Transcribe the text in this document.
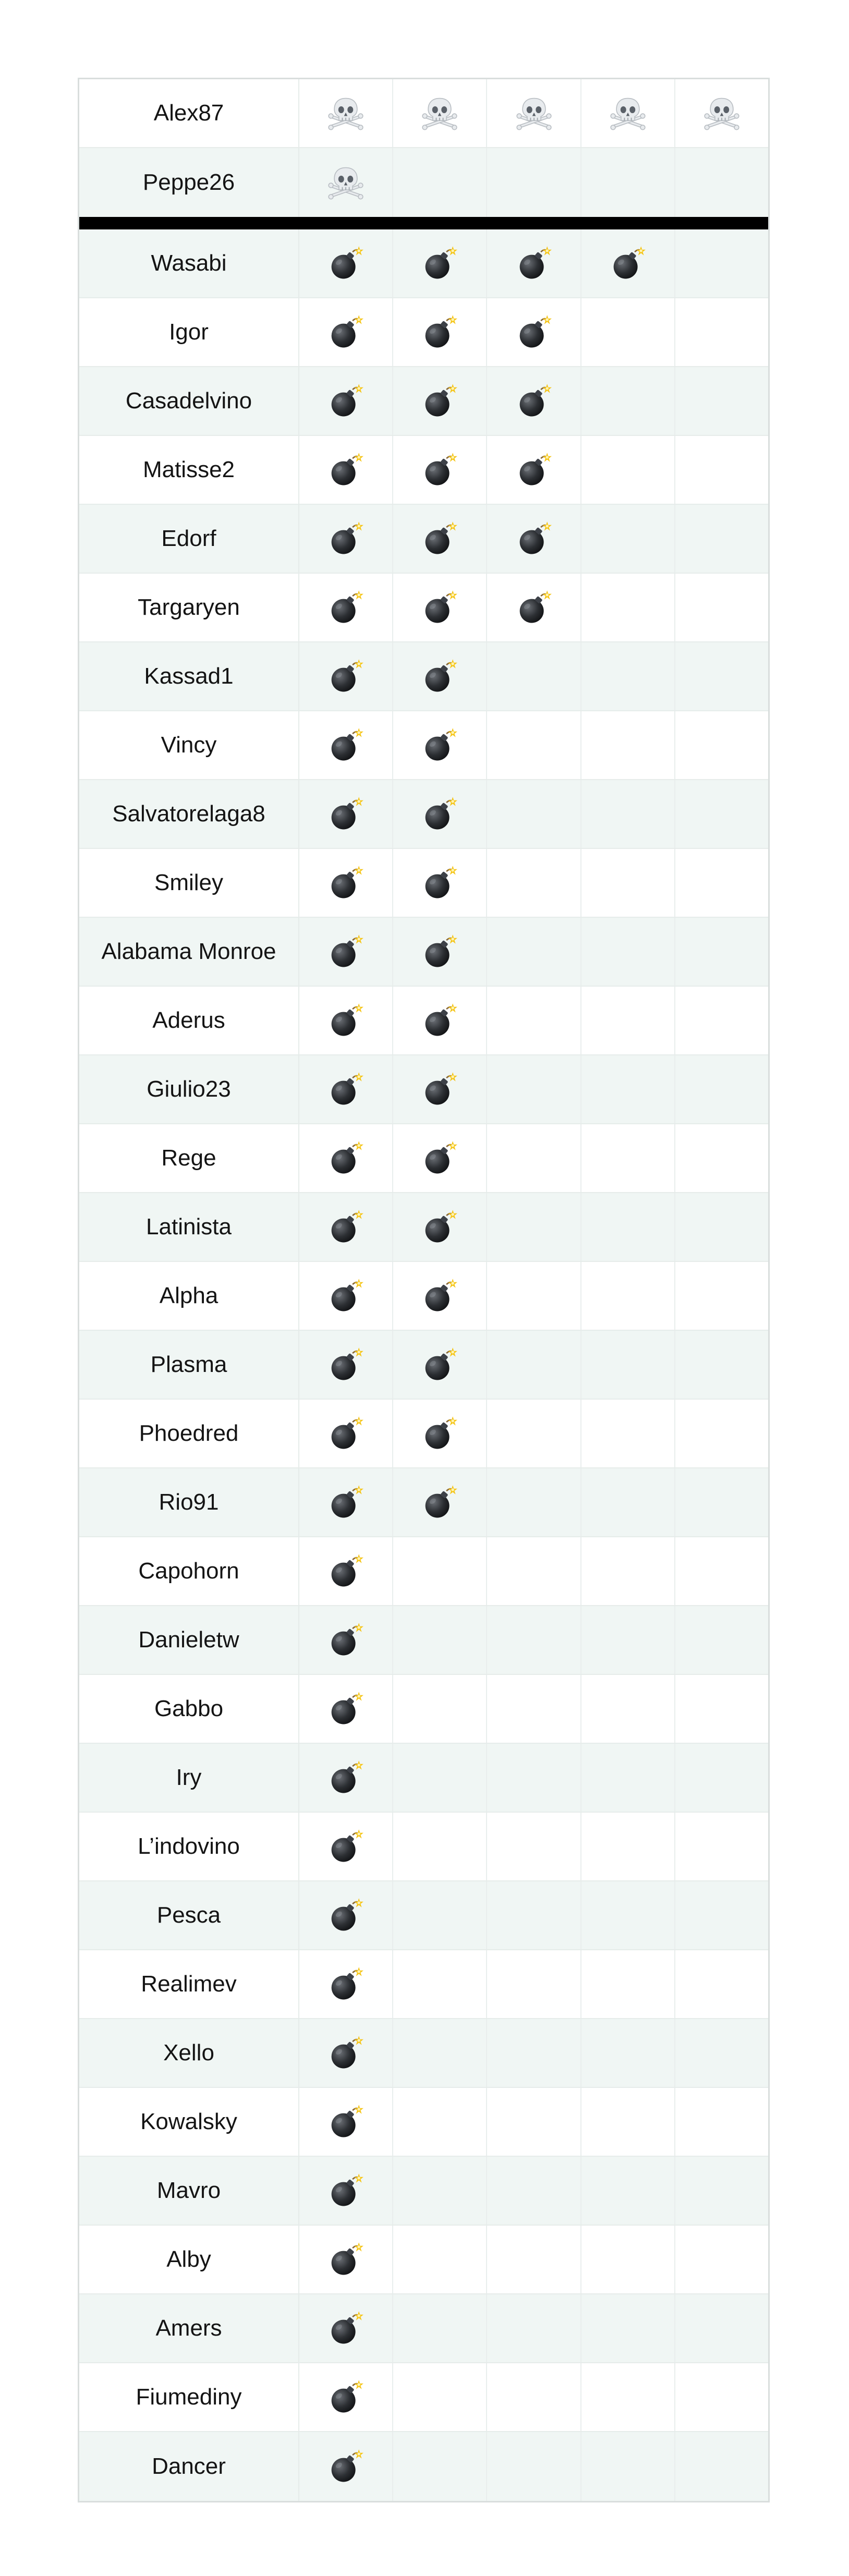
Alex87
Peppe26
Wasabi
Igor
Casadelvino
Matisse2
Edorf
Targaryen
Kassad1
Vincy
Salvatorelaga8
Smiley
Alabama Monroe
Aderus
Giulio23
Rege
Latinista
Alpha
Plasma
Phoedred
Rio91
Capohorn
Danieletw
Gabbo
Iry
L’indovino
Pesca
Realimev
Xello
Kowalsky
Mavro
Alby
Amers
Fiumediny
Dancer
